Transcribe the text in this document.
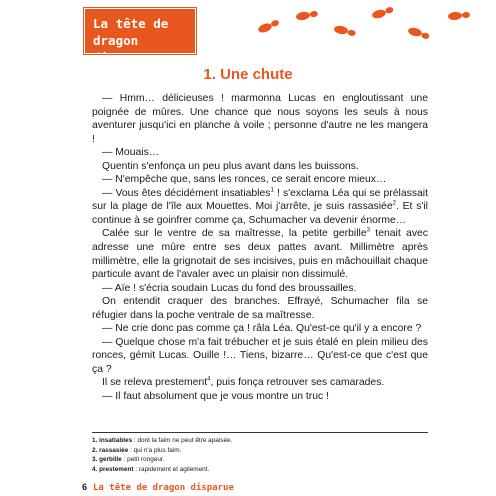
La tête de dragon
disparue
1. Une chute

— Hmm… délicieuses ! marmonna Lucas en engloutissant une poignée de mûres. Une chance que nous soyons les seuls à nous aventurer jusqu'ici en planche à voile ; personne d'autre ne les mangera !

— Mouais…

Quentin s'enfonça un peu plus avant dans les buissons.

— N'empêche que, sans les ronces, ce serait encore mieux…

— Vous êtes décidément insatiables$^1$ ! s'exclama Léa qui se prélassait sur la plage de l'île aux Mouettes. Moi j'arrête, je suis rassasiée$^2$. Et s'il continue à se goinfrer comme ça, Schumacher va devenir énorme…

Calée sur le ventre de sa maîtresse, la petite gerbille$^3$ tenait avec adresse une mûre entre ses deux pattes avant. Millimètre après millimètre, elle la grignotait de ses incisives, puis en mâchouillait chaque particule avant de l'avaler avec un plaisir non dissimulé.

— Aïe ! s'écria soudain Lucas du fond des broussailles.

On entendit craquer des branches. Effrayé, Schumacher fila se réfugier dans la poche ventrale de sa maîtresse.

— Ne crie donc pas comme ça ! râla Léa. Qu'est-ce qu'il y a encore ?

— Quelque chose m'a fait trébucher et je suis étalé en plein milieu des ronces, gémit Lucas. Ouille !… Tiens, bizarre… Qu'est-ce que c'est que ça ?

Il se releva prestement$^4$, puis fonça retrouver ses camarades.

— Il faut absolument que je vous montre un truc !

1. insatiables : dont la faim ne peut être apaisée.
2. rassasiée : qui n'a plus faim.
3. gerbille : petit rongeur.
4. prestement : rapidement et agilement.
6 La tête de dragon disparue
